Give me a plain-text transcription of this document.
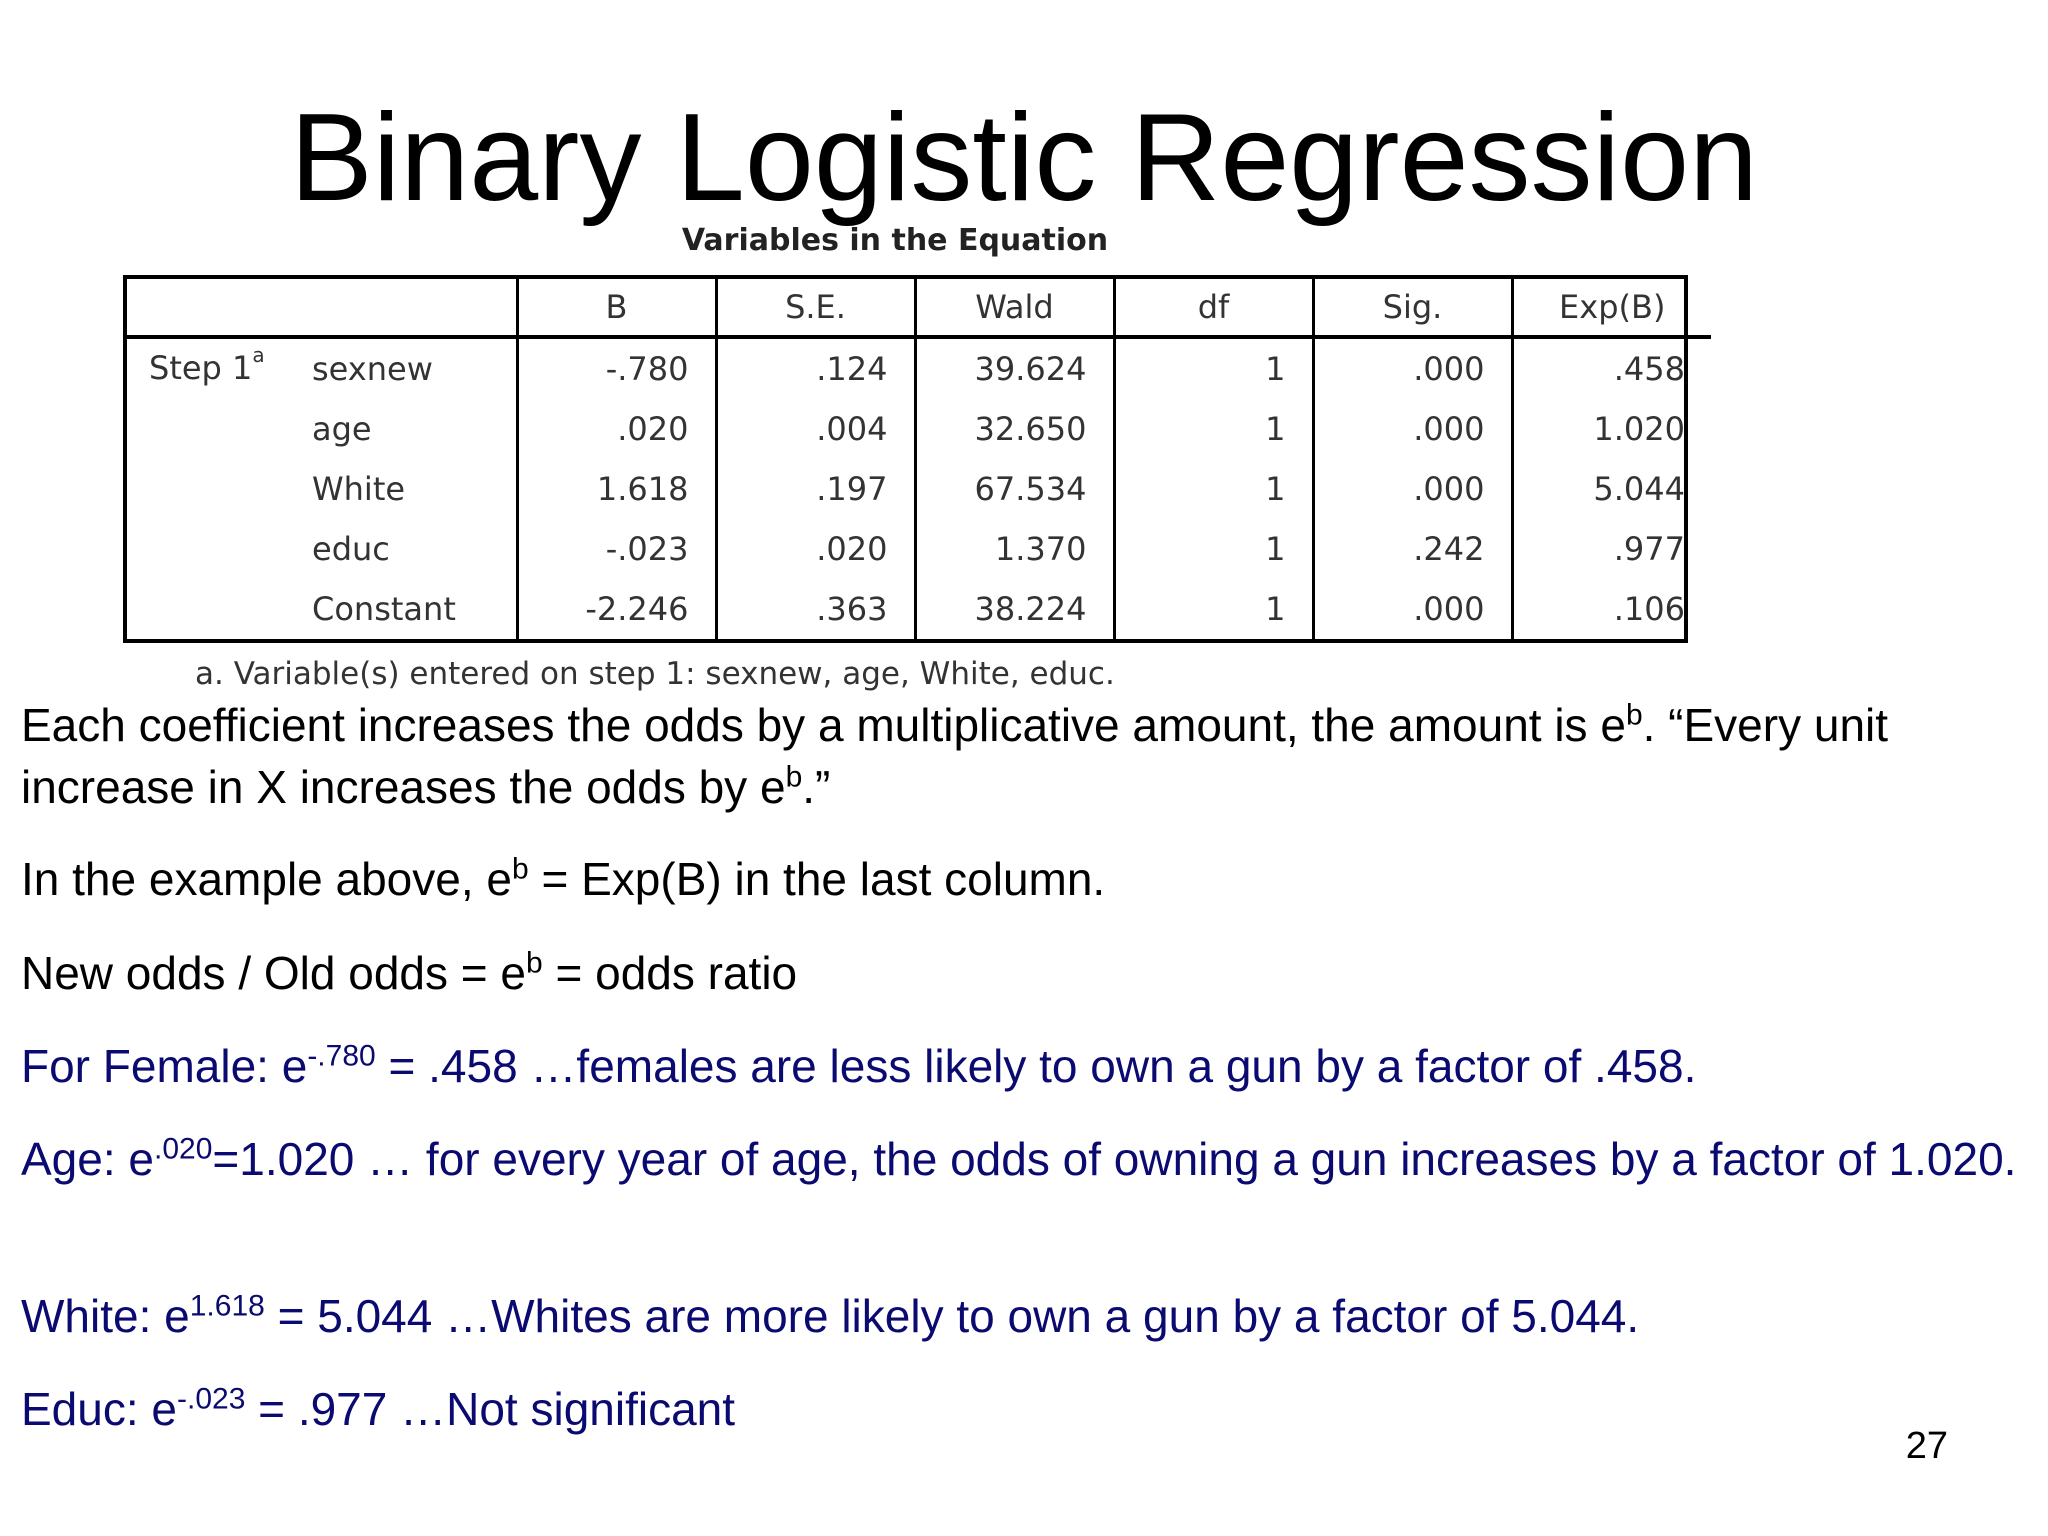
Binary Logistic Regression
Variables in the Equation
		B	S.E.	Wald	df	Sig.	Exp(B)
Step 1$^a$	sexnew	-.780	.124	39.624	1	.000	.458
	age	.020	.004	32.650	1	.000	1.020
	White	1.618	.197	67.534	1	.000	5.044
	educ	-.023	.020	1.370	1	.242	.977
	Constant	-2.246	.363	38.224	1	.000	.106
a. Variable(s) entered on step 1: sexnew, age, White, educ.

Each coefficient increases the odds by a multiplicative amount, the amount is $e^b$. “Every unit increase in X increases the odds by $e^b$.”

In the example above, $e^b = Exp(B)$ in the last column.

New odds / Old odds = $e^b$ = odds ratio

For Female: $e^{-.780} = .458$ …females are less likely to own a gun by a factor of .458.

Age: $e^{.020}=1.020$ … for every year of age, the odds of owning a gun increases by a factor of 1.020.

White: $e^{1.618} = 5.044$ …Whites are more likely to own a gun by a factor of 5.044.

Educ: $e^{-.023} = .977$ …Not significant

27
